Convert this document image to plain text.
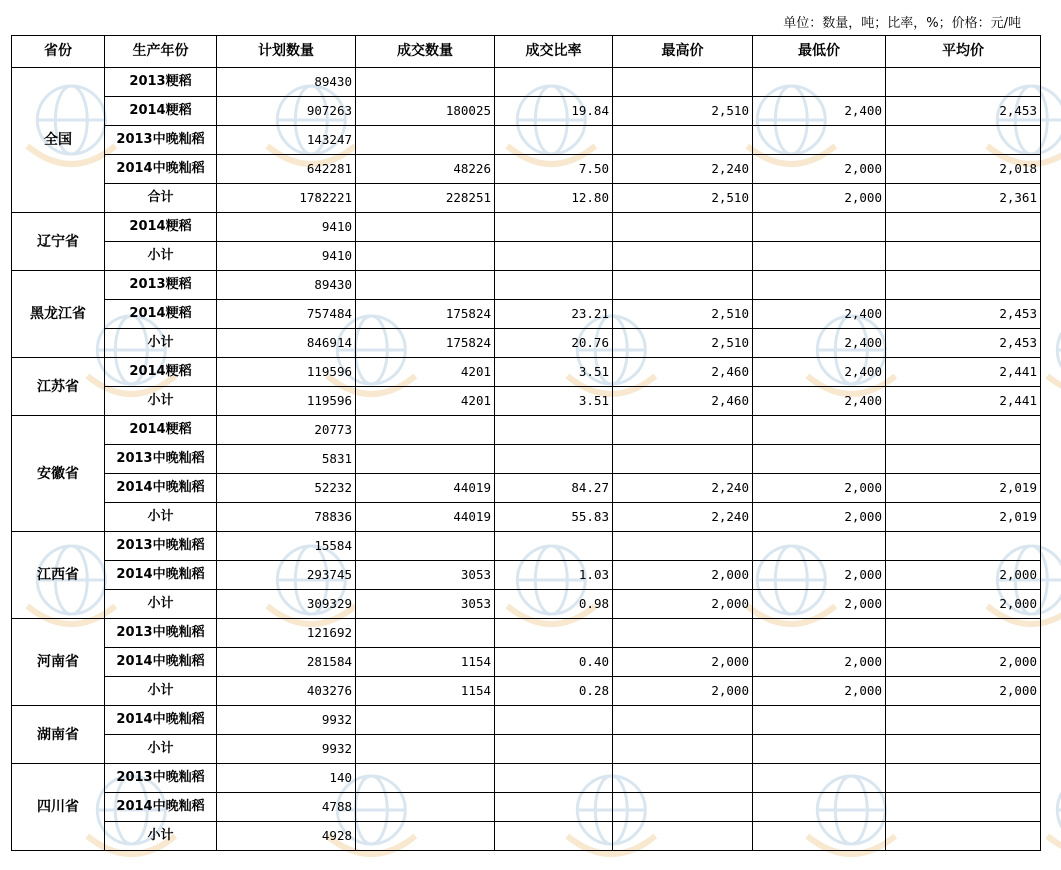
单位：数量，吨；比率，%；价格：元/吨
省份	生产年份	计划数量	成交数量	成交比率	最高价	最低价	平均价
全国	2013粳稻	89430					
	2014粳稻	907263	180025	19.84	2,510	2,400	2,453
	2013中晚籼稻	143247					
	2014中晚籼稻	642281	48226	7.50	2,240	2,000	2,018
	合计	1782221	228251	12.80	2,510	2,000	2,361
辽宁省	2014粳稻	9410					
	小计	9410					
黑龙江省	2013粳稻	89430					
	2014粳稻	757484	175824	23.21	2,510	2,400	2,453
	小计	846914	175824	20.76	2,510	2,400	2,453
江苏省	2014粳稻	119596	4201	3.51	2,460	2,400	2,441
	小计	119596	4201	3.51	2,460	2,400	2,441
安徽省	2014粳稻	20773					
	2013中晚籼稻	5831					
	2014中晚籼稻	52232	44019	84.27	2,240	2,000	2,019
	小计	78836	44019	55.83	2,240	2,000	2,019
江西省	2013中晚籼稻	15584					
	2014中晚籼稻	293745	3053	1.03	2,000	2,000	2,000
	小计	309329	3053	0.98	2,000	2,000	2,000
河南省	2013中晚籼稻	121692					
	2014中晚籼稻	281584	1154	0.40	2,000	2,000	2,000
	小计	403276	1154	0.28	2,000	2,000	2,000
湖南省	2014中晚籼稻	9932					
	小计	9932					
四川省	2013中晚籼稻	140					
	2014中晚籼稻	4788					
	小计	4928					
